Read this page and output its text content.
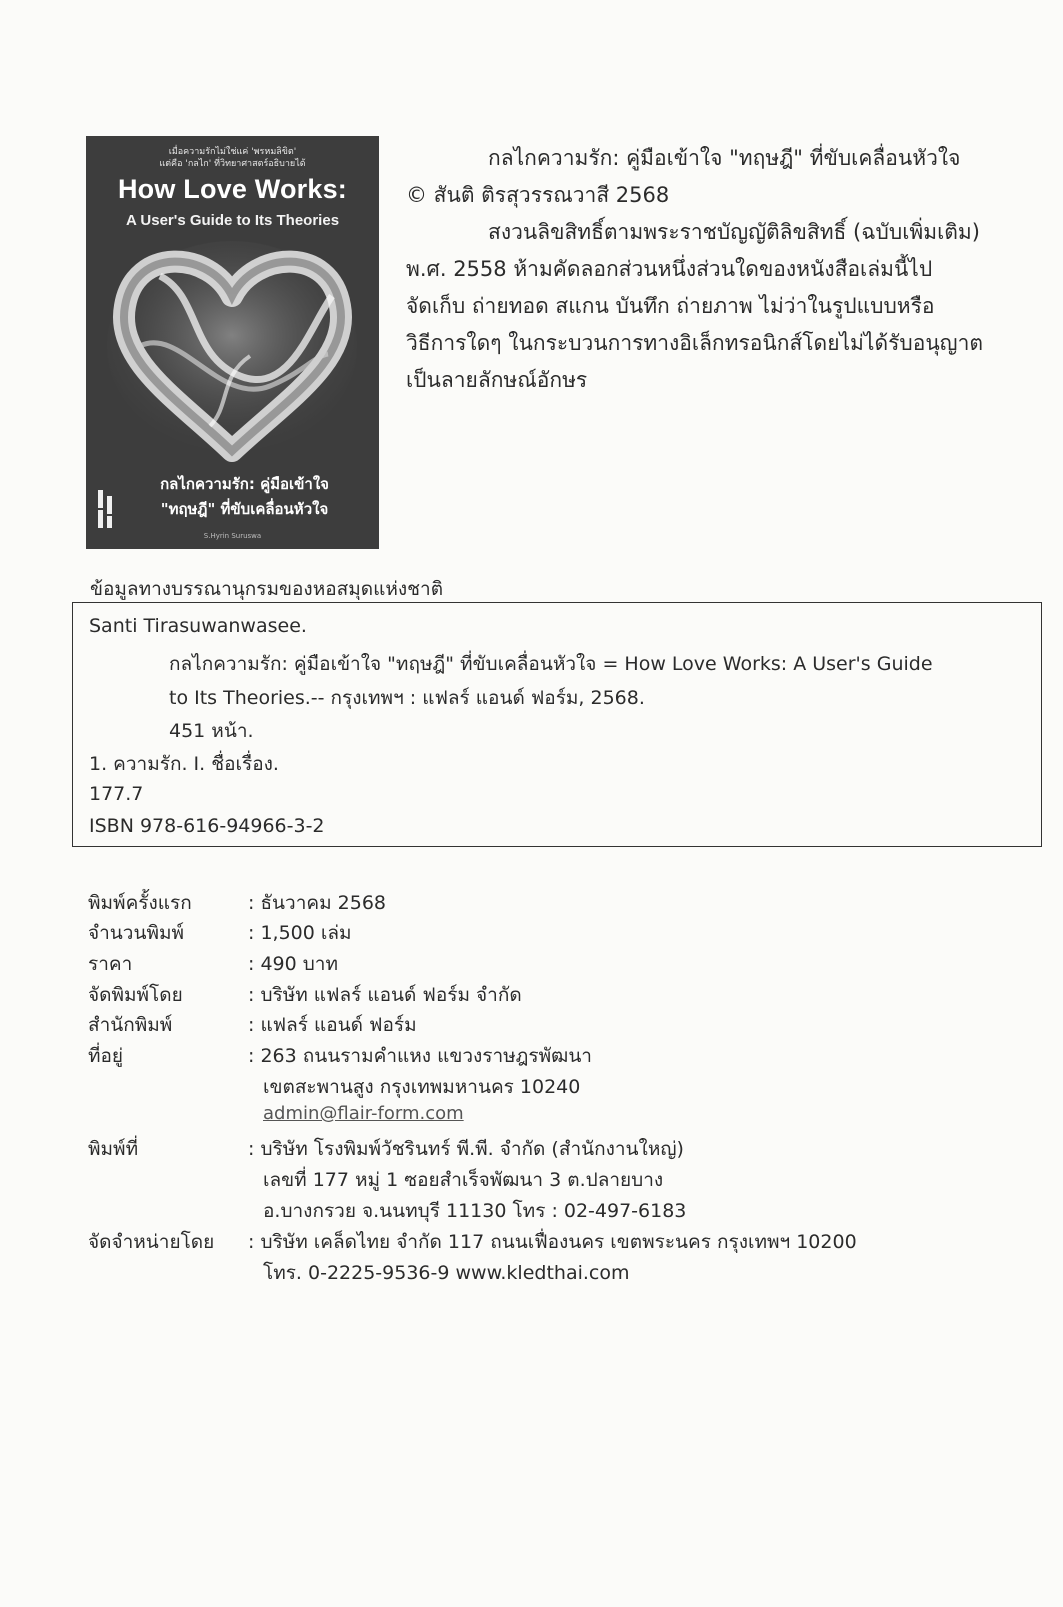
เมื่อความรักไม่ใช่แค่ 'พรหมลิขิต'
แต่คือ 'กลไก' ที่วิทยาศาสตร์อธิบายได้
How Love Works:
A User's Guide to Its Theories
กลไกความรัก: คู่มือเข้าใจ
"ทฤษฎี" ที่ขับเคลื่อนหัวใจ
S.Hyrin Suruswa
กลไกความรัก: คู่มือเข้าใจ "ทฤษฎี" ที่ขับเคลื่อนหัวใจ
© สันติ ติรสุวรรณวาสี 2568
สงวนลิขสิทธิ์ตามพระราชบัญญัติลิขสิทธิ์ (ฉบับเพิ่มเติม)
พ.ศ. 2558 ห้ามคัดลอกส่วนหนึ่งส่วนใดของหนังสือเล่มนี้ไป
จัดเก็บ ถ่ายทอด สแกน บันทึก ถ่ายภาพ ไม่ว่าในรูปแบบหรือ
วิธีการใดๆ ในกระบวนการทางอิเล็กทรอนิกส์โดยไม่ได้รับอนุญาต
เป็นลายลักษณ์อักษร
ข้อมูลทางบรรณานุกรมของหอสมุดแห่งชาติ
Santi Tirasuwanwasee.
กลไกความรัก: คู่มือเข้าใจ "ทฤษฎี" ที่ขับเคลื่อนหัวใจ = How Love Works: A User's Guide
to Its Theories.-- กรุงเทพฯ : แฟลร์ แอนด์ ฟอร์ม, 2568.
451 หน้า.
1. ความรัก. I. ชื่อเรื่อง.
177.7
ISBN 978-616-94966-3-2
พิมพ์ครั้งแรก	: ธันวาคม 2568
จำนวนพิมพ์	: 1,500 เล่ม
ราคา	: 490 บาท
จัดพิมพ์โดย	: บริษัท แฟลร์ แอนด์ ฟอร์ม จำกัด
สำนักพิมพ์	: แฟลร์ แอนด์ ฟอร์ม
ที่อยู่	: 263 ถนนรามคำแหง แขวงราษฎรพัฒนา
เขตสะพานสูง กรุงเทพมหานคร 10240
admin@flair-form.com
พิมพ์ที่	: บริษัท โรงพิมพ์วัชรินทร์ พี.พี. จำกัด (สำนักงานใหญ่)
เลขที่ 177 หมู่ 1 ซอยสำเร็จพัฒนา 3 ต.ปลายบาง
อ.บางกรวย จ.นนทบุรี 11130 โทร : 02-497-6183
จัดจำหน่ายโดย : บริษัท เคล็ดไทย จำกัด 117 ถนนเฟื่องนคร เขตพระนคร กรุงเทพฯ 10200
โทร. 0-2225-9536-9 www.kledthai.com
